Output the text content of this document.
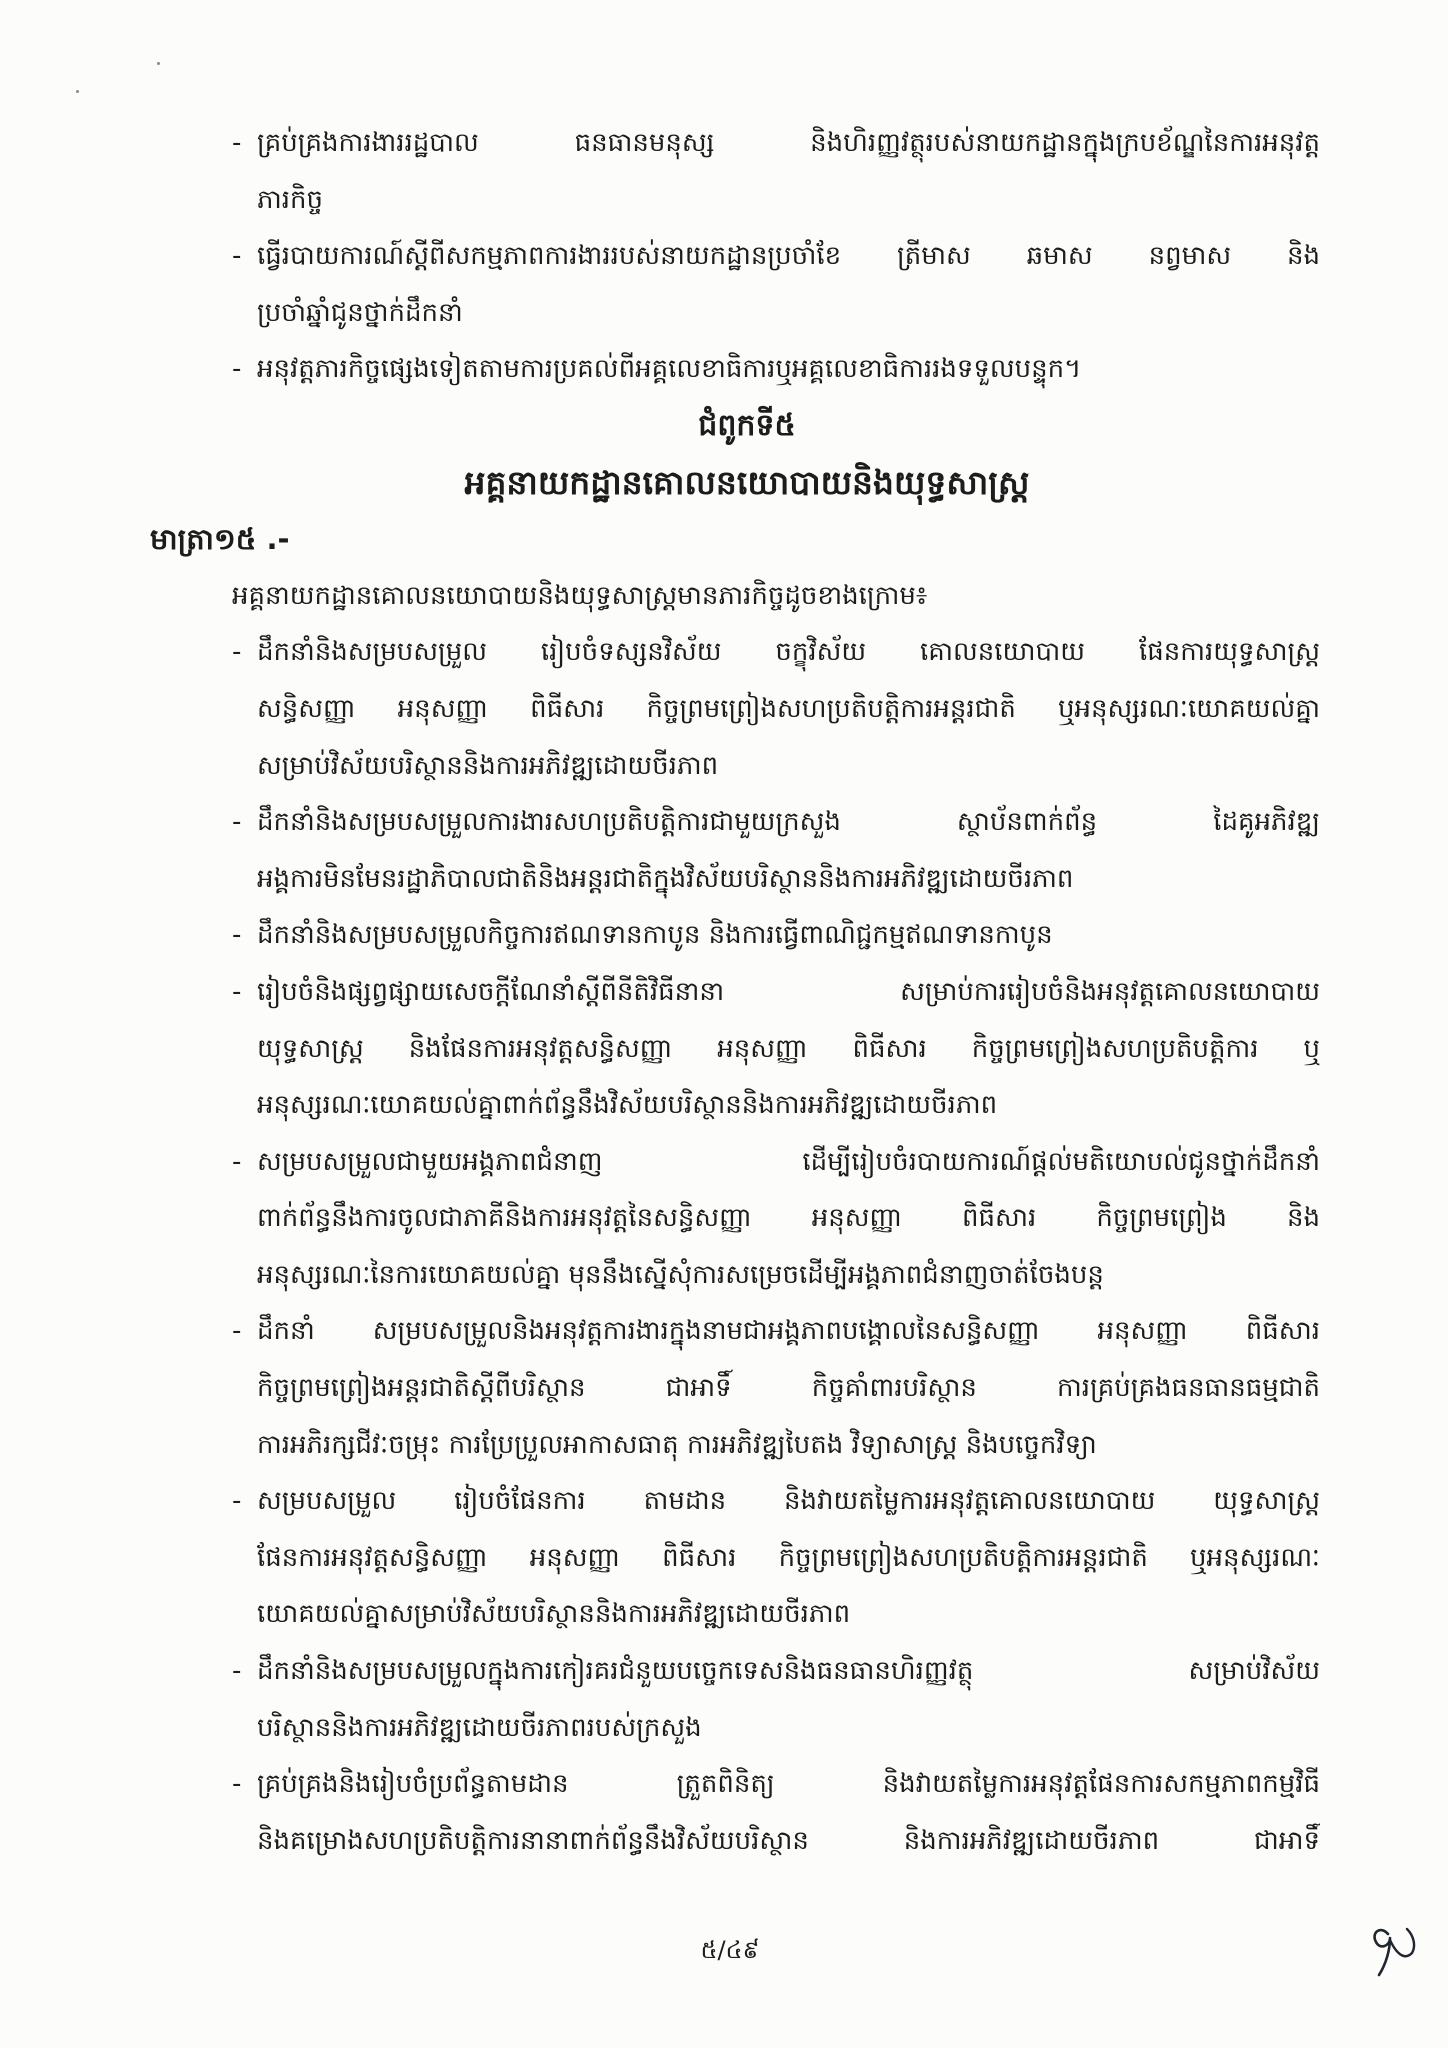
- គ្រប់គ្រងការងាររដ្ឋបាល ធនធានមនុស្ស និងហិរញ្ញវត្ថុរបស់នាយកដ្ឋានក្នុងក្របខ័ណ្ឌនៃការអនុវត្ត
ភារកិច្ច
- ធ្វើរបាយការណ៍ស្តីពីសកម្មភាពការងាររបស់នាយកដ្ឋានប្រចាំខែ ត្រីមាស ឆមាស នព្វមាស និង
ប្រចាំឆ្នាំជូនថ្នាក់ដឹកនាំ
- អនុវត្តភារកិច្ចផ្សេងទៀតតាមការប្រគល់ពីអគ្គលេខាធិការឬអគ្គលេខាធិការរងទទួលបន្ទុក។
ជំពូកទី៥
អគ្គនាយកដ្ឋានគោលនយោបាយនិងយុទ្ធសាស្ត្រ
មាត្រា១៥ .-
អគ្គនាយកដ្ឋានគោលនយោបាយនិងយុទ្ធសាស្ត្រមានភារកិច្ចដូចខាងក្រោម៖
- ដឹកនាំនិងសម្របសម្រួល រៀបចំទស្សនវិស័យ ចក្ខុវិស័យ គោលនយោបាយ ផែនការយុទ្ធសាស្ត្រ
សន្ធិសញ្ញា អនុសញ្ញា ពិធីសារ កិច្ចព្រមព្រៀងសហប្រតិបត្តិការអន្តរជាតិ ឬអនុស្សរណៈយោគយល់គ្នា
សម្រាប់វិស័យបរិស្ថាននិងការអភិវឌ្ឍដោយចីរភាព
- ដឹកនាំនិងសម្របសម្រួលការងារសហប្រតិបត្តិការជាមួយក្រសួង ស្ថាប័នពាក់ព័ន្ធ ដៃគូអភិវឌ្ឍ
អង្គការមិនមែនរដ្ឋាភិបាលជាតិនិងអន្តរជាតិក្នុងវិស័យបរិស្ថាននិងការអភិវឌ្ឍដោយចីរភាព
- ដឹកនាំនិងសម្របសម្រួលកិច្ចការឥណទានកាបូន និងការធ្វើពាណិជ្ជកម្មឥណទានកាបូន
- រៀបចំនិងផ្សព្វផ្សាយសេចក្តីណែនាំស្តីពីនីតិវិធីនានា សម្រាប់ការរៀបចំនិងអនុវត្តគោលនយោបាយ
យុទ្ធសាស្ត្រ និងផែនការអនុវត្តសន្ធិសញ្ញា អនុសញ្ញា ពិធីសារ កិច្ចព្រមព្រៀងសហប្រតិបត្តិការ ឬ
អនុស្សរណៈយោគយល់គ្នាពាក់ព័ន្ធនឹងវិស័យបរិស្ថាននិងការអភិវឌ្ឍដោយចីរភាព
- សម្របសម្រួលជាមួយអង្គភាពជំនាញ ដើម្បីរៀបចំរបាយការណ៍ផ្តល់មតិយោបល់ជូនថ្នាក់ដឹកនាំ
ពាក់ព័ន្ធនឹងការចូលជាភាគីនិងការអនុវត្តនៃសន្ធិសញ្ញា អនុសញ្ញា ពិធីសារ កិច្ចព្រមព្រៀង និង
អនុស្សរណៈនៃការយោគយល់គ្នា មុននឹងស្នើសុំការសម្រេចដើម្បីអង្គភាពជំនាញចាត់ចែងបន្ត
- ដឹកនាំ សម្របសម្រួលនិងអនុវត្តការងារក្នុងនាមជាអង្គភាពបង្គោលនៃសន្ធិសញ្ញា អនុសញ្ញា ពិធីសារ
កិច្ចព្រមព្រៀងអន្តរជាតិស្តីពីបរិស្ថាន ជាអាទិ៍ កិច្ចគាំពារបរិស្ថាន ការគ្រប់គ្រងធនធានធម្មជាតិ
ការអភិរក្សជីវៈចម្រុះ ការប្រែប្រួលអាកាសធាតុ ការអភិវឌ្ឍបៃតង វិទ្យាសាស្ត្រ និងបច្ចេកវិទ្យា
- សម្របសម្រួល រៀបចំផែនការ តាមដាន និងវាយតម្លៃការអនុវត្តគោលនយោបាយ យុទ្ធសាស្ត្រ
ផែនការអនុវត្តសន្ធិសញ្ញា អនុសញ្ញា ពិធីសារ កិច្ចព្រមព្រៀងសហប្រតិបត្តិការអន្តរជាតិ ឬអនុស្សរណៈ
យោគយល់គ្នាសម្រាប់វិស័យបរិស្ថាននិងការអភិវឌ្ឍដោយចីរភាព
- ដឹកនាំនិងសម្របសម្រួលក្នុងការកៀរគរជំនួយបច្ចេកទេសនិងធនធានហិរញ្ញវត្ថុ សម្រាប់វិស័យ
បរិស្ថាននិងការអភិវឌ្ឍដោយចីរភាពរបស់ក្រសួង
- គ្រប់គ្រងនិងរៀបចំប្រព័ន្ធតាមដាន ត្រួតពិនិត្យ និងវាយតម្លៃការអនុវត្តផែនការសកម្មភាពកម្មវិធី
និងគម្រោងសហប្រតិបត្តិការនានាពាក់ព័ន្ធនឹងវិស័យបរិស្ថាន និងការអភិវឌ្ឍដោយចីរភាព ជាអាទិ៍
៥/៤៩
